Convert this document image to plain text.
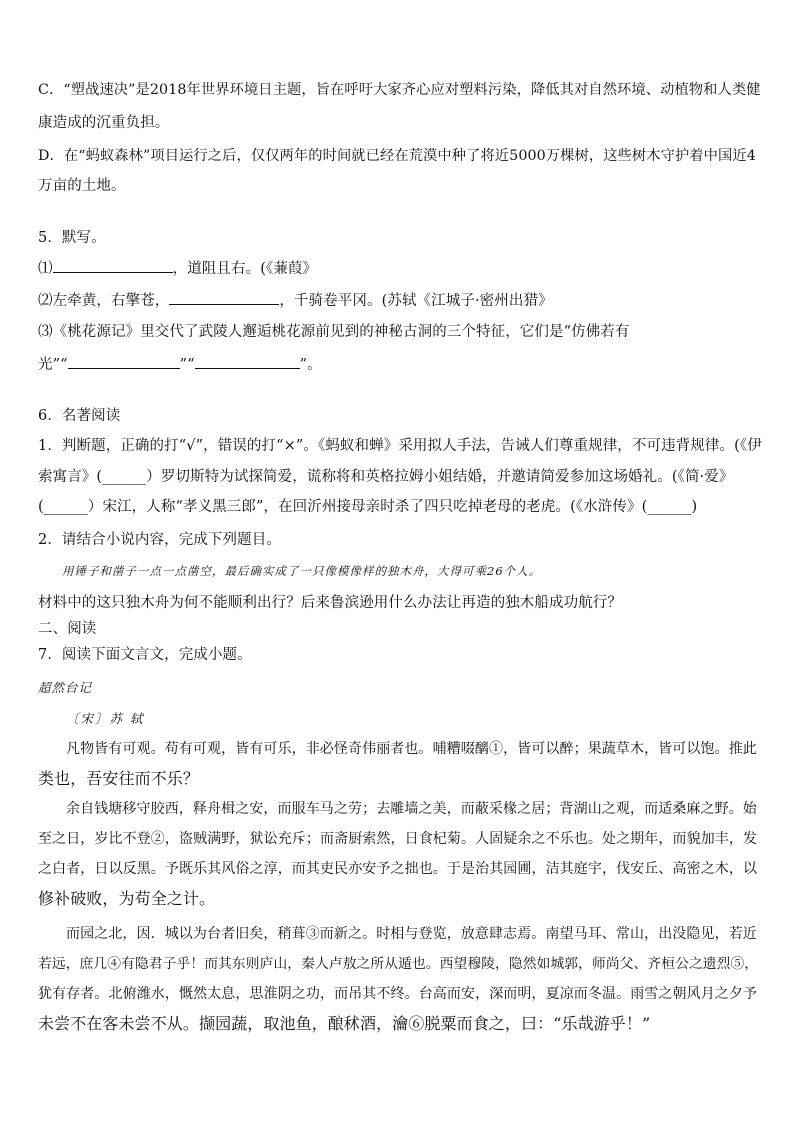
C．“塑战速决”是2018年世界环境日主题，旨在呼吁大家齐心应对塑料污染，降低其对自然环境、动植物和人类健
康造成的沉重负担。
D．在“蚂蚁森林”项目运行之后，仅仅两年的时间就已经在荒漠中种了将近5000万棵树，这些树木守护着中国近4
万亩的土地。
5．默写。
⑴	，道阻且右。(《蒹葭》
⑵左牵黄，右擎苍，	，千骑卷平冈。(苏轼《江城子·密州出猎》
⑶《桃花源记》里交代了武陵人邂逅桃花源前见到的神秘古洞的三个特征，它们是“仿佛若有
光”“	”“	”。
6．名著阅读
1．判断题，正确的打“√”，错误的打“×”。《蚂蚁和蝉》采用拟人手法，告诫人们尊重规律，不可违背规律。(《伊
索寓言》(______）罗切斯特为试探简爱，谎称将和英格拉姆小姐结婚，并邀请简爱参加这场婚礼。(《简·爱》
(______）宋江，人称“孝义黑三郎”，在回沂州接母亲时杀了四只吃掉老母的老虎。(《水浒传》(______)
2．请结合小说内容，完成下列题目。
用锤子和凿子一点一点凿空，最后确实成了一只像模像样的独木舟，大得可乘26个人。
材料中的这只独木舟为何不能顺利出行？后来鲁滨逊用什么办法让再造的独木船成功航行？
二、阅读
7．阅读下面文言文，完成小题。
超然台记
〔宋〕苏 轼
凡物皆有可观。苟有可观，皆有可乐，非必怪奇伟丽者也。哺糟啜醨①，皆可以醉；果蔬草木，皆可以饱。推此
类也，吾安往而不乐？
余自钱塘移守胶西，释舟楫之安，而服车马之劳；去雕墙之美，而蔽采椽之居；背湖山之观，而适桑麻之野。始
至之日，岁比不登②，盗贼满野，狱讼充斥；而斋厨索然，日食杞菊。人固疑余之不乐也。处之期年，而貌加丰，发
之白者，日以反黑。予既乐其风俗之淳，而其吏民亦安予之拙也。于是治其园圃，洁其庭宇，伐安丘、高密之木，以
修补破败，为苟全之计。
而园之北，因．城以为台者旧矣，稍葺③而新之。时相与登览，放意肆志焉。南望马耳、常山，出没隐见，若近
若远，庶几④有隐君子乎！而其东则庐山，秦人卢敖之所从遁也。西望穆陵，隐然如城郭，师尚父、齐桓公之遗烈⑤，
犹有存者。北俯潍水，慨然太息，思淮阴之功，而吊其不终。台高而安，深而明，夏凉而冬温。雨雪之朝风月之夕予
未尝不在客未尝不从。撷园蔬，取池鱼，酿秫酒，瀹⑥脱粟而食之，曰：“乐哉游乎！”
